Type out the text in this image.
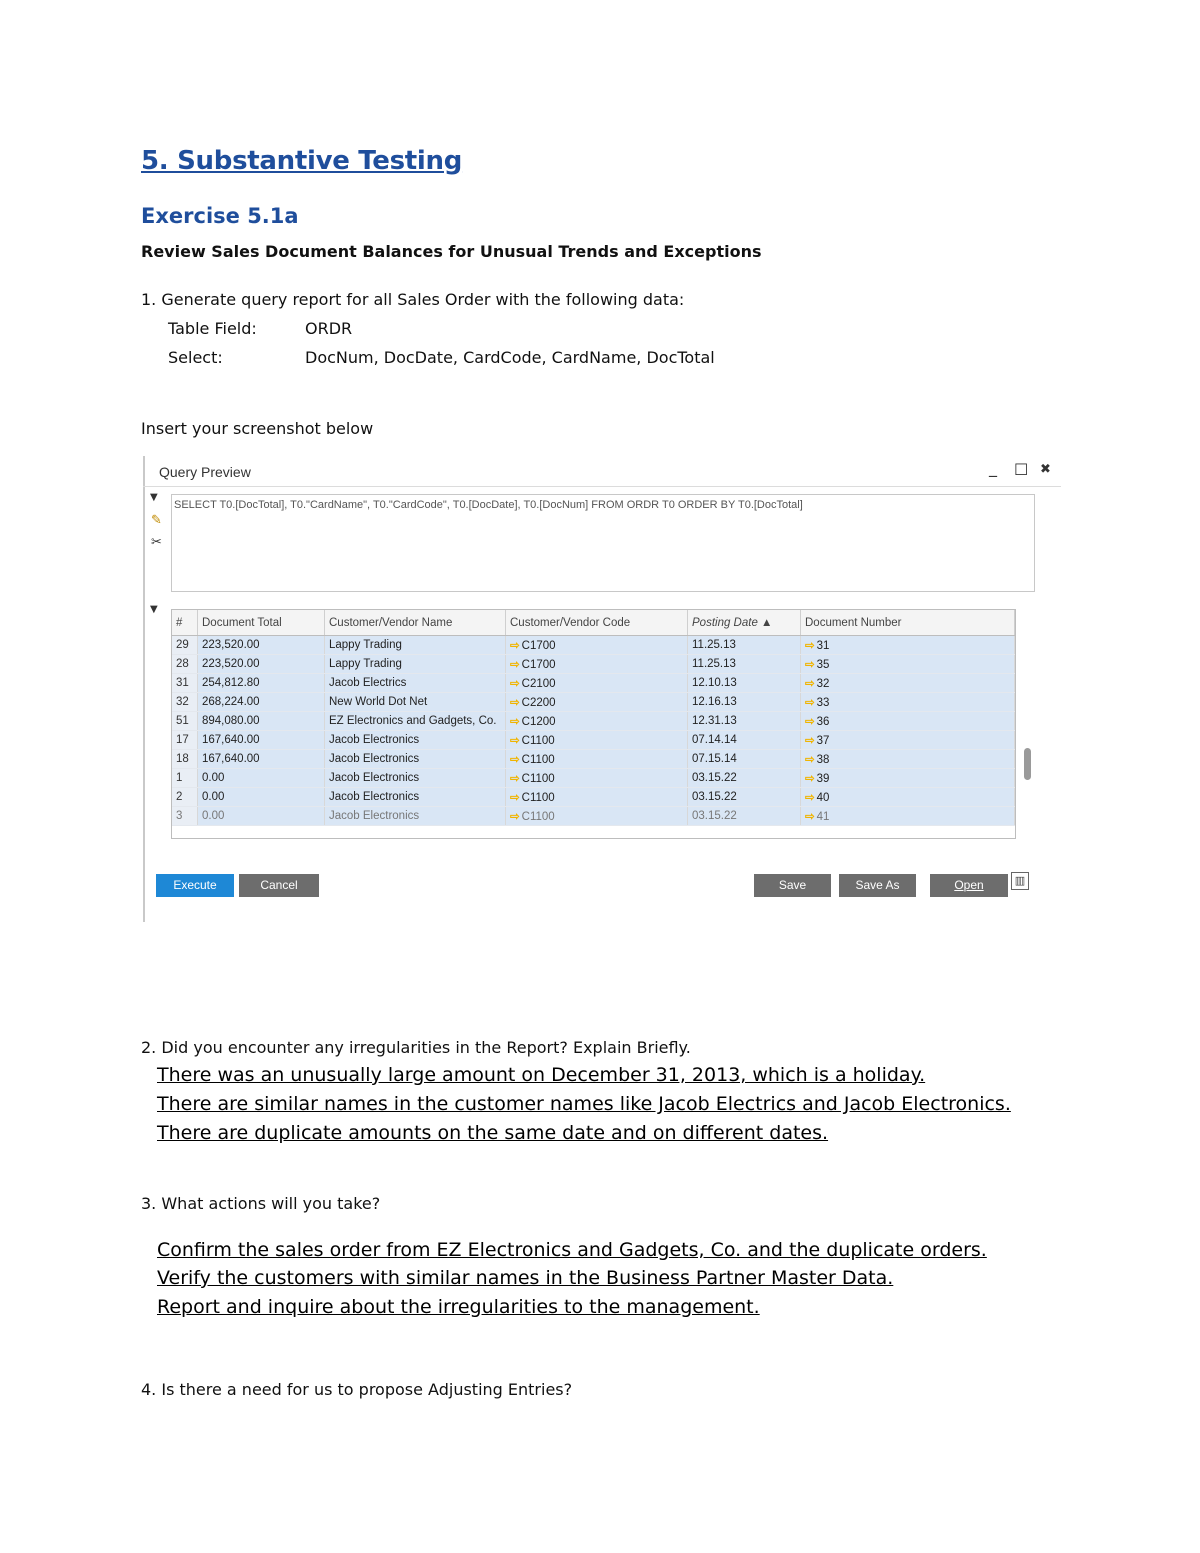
5. Substantive Testing
Exercise 5.1a
Review Sales Document Balances for Unusual Trends and Exceptions
1. Generate query report for all Sales Order with the following data:
Table Field:	ORDR
Select:	DocNum, DocDate, CardCode, CardName, DocTotal
Insert your screenshot below
Query Preview	_ ☐ ✖
▼
✎
✂
SELECT T0.[DocTotal], T0."CardName", T0."CardCode", T0.[DocDate], T0.[DocNum] FROM ORDR T0 ORDER BY T0.[DocTotal]
▼
#	Document Total	Customer/Vendor Name	Customer/Vendor Code	Posting Date ▲	Document Number
29	223,520.00	Lappy Trading	⇨ C1700	11.25.13	⇨ 31
28	223,520.00	Lappy Trading	⇨ C1700	11.25.13	⇨ 35
31	254,812.80	Jacob Electrics	⇨ C2100	12.10.13	⇨ 32
32	268,224.00	New World Dot Net	⇨ C2200	12.16.13	⇨ 33
51	894,080.00	EZ Electronics and Gadgets, Co.	⇨ C1200	12.31.13	⇨ 36
17	167,640.00	Jacob Electronics	⇨ C1100	07.14.14	⇨ 37
18	167,640.00	Jacob Electronics	⇨ C1100	07.15.14	⇨ 38
1	0.00	Jacob Electronics	⇨ C1100	03.15.22	⇨ 39
2	0.00	Jacob Electronics	⇨ C1100	03.15.22	⇨ 40
3	0.00	Jacob Electronics	⇨ C1100	03.15.22	⇨ 41
Execute	Cancel	Save	Save As	Open	▥
2. Did you encounter any irregularities in the Report? Explain Briefly.
There was an unusually large amount on December 31, 2013, which is a holiday.
There are similar names in the customer names like Jacob Electrics and Jacob Electronics.
There are duplicate amounts on the same date and on different dates.
3. What actions will you take?
Confirm the sales order from EZ Electronics and Gadgets, Co. and the duplicate orders.
Verify the customers with similar names in the Business Partner Master Data.
Report and inquire about the irregularities to the management.
4. Is there a need for us to propose Adjusting Entries?
